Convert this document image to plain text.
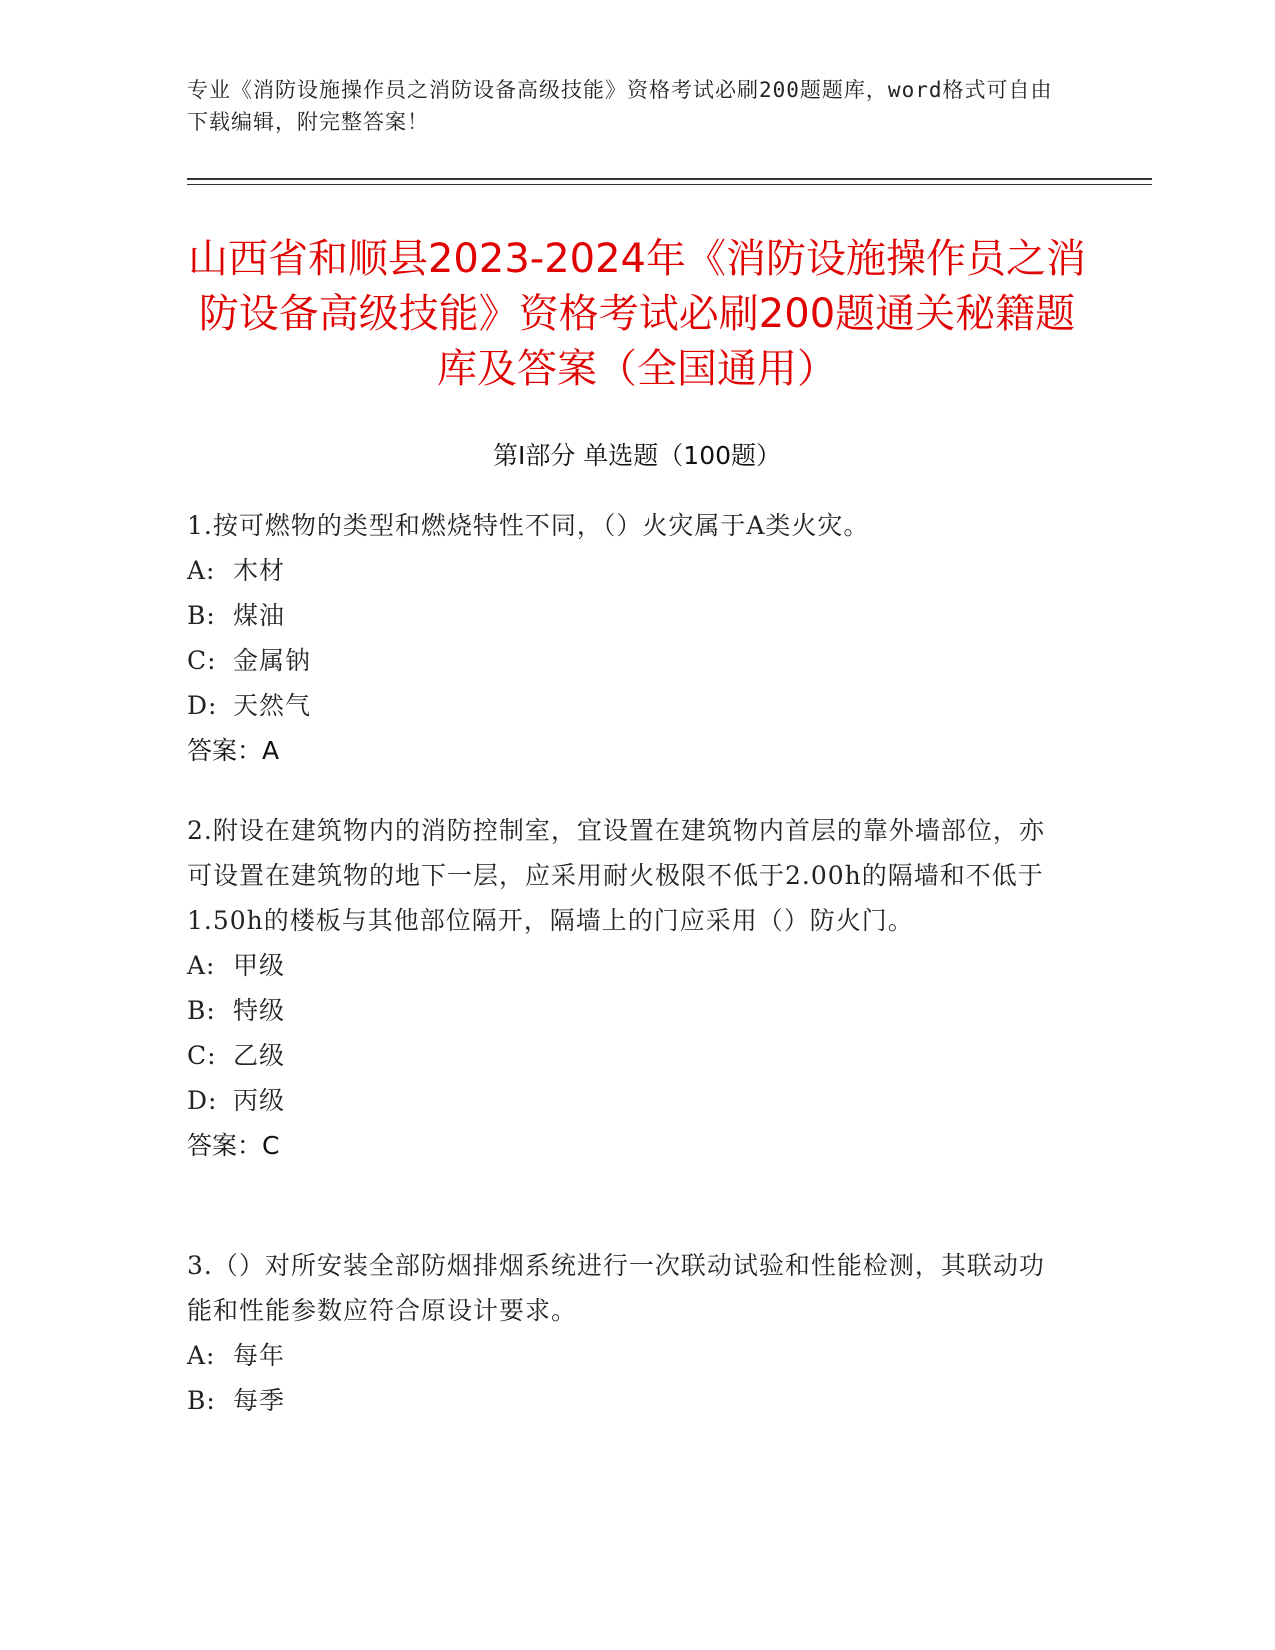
专业《消防设施操作员之消防设备高级技能》资格考试必刷200题题库，word格式可自由下载编辑，附完整答案！

山西省和顺县2023-2024年《消防设施操作员之消防设备高级技能》资格考试必刷200题通关秘籍题库及答案（全国通用）
第Ⅰ部分 单选题（100题）

1.按可燃物的类型和燃烧特性不同，（）火灾属于A类火灾。

A: 木材

B: 煤油

C: 金属钠

D: 天然气

答案：A

2.附设在建筑物内的消防控制室，宜设置在建筑物内首层的靠外墙部位，亦可设置在建筑物的地下一层，应采用耐火极限不低于2.00h的隔墙和不低于1.50h的楼板与其他部位隔开，隔墙上的门应采用（）防火门。

A: 甲级

B: 特级

C: 乙级

D: 丙级

答案：C

3.（）对所安装全部防烟排烟系统进行一次联动试验和性能检测，其联动功能和性能参数应符合原设计要求。

A: 每年

B: 每季
